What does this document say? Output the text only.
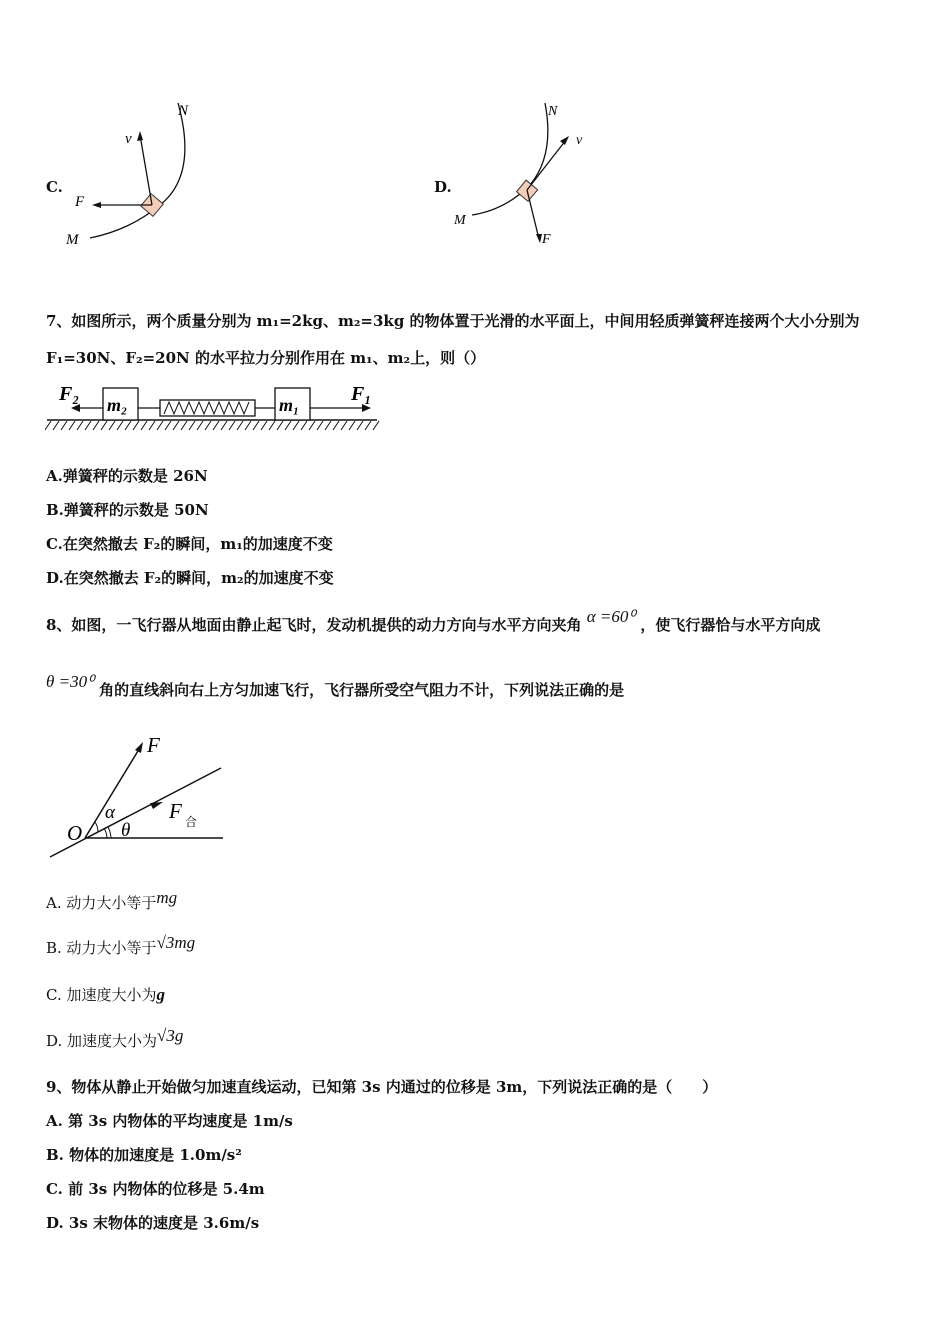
C.
N
v
F
M
D.
N
v
F
M
7、如图所示，两个质量分别为 m₁=2kg、m₂=3kg 的物体置于光滑的水平面上，中间用轻质弹簧秤连接两个大小分别为
F₁=30N、F₂=20N 的水平拉力分别作用在 m₁、m₂上，则（）
F₂ m₂	m₁	F₁
A.弹簧秤的示数是 26N
B.弹簧秤的示数是 50N
C.在突然撤去 F₂的瞬间，m₁的加速度不变
D.在突然撤去 F₂的瞬间，m₂的加速度不变
8、如图，一飞行器从地面由静止起飞时，发动机提供的动力方向与水平方向夹角 α =60⁰ ，使飞行器恰与水平方向成
θ =30⁰ 角的直线斜向右上方匀加速飞行，飞行器所受空气阻力不计，下列说法正确的是
F
α
O θ
F 合
A. 动力大小等于mg
B. 动力大小等于√3mg
C. 加速度大小为g
D. 加速度大小为√3g
9、物体从静止开始做匀加速直线运动，已知第 3s 内通过的位移是 3m，下列说法正确的是（　　）
A. 第 3s 内物体的平均速度是 1m/s
B. 物体的加速度是 1.0m/s²
C. 前 3s 内物体的位移是 5.4m
D. 3s 末物体的速度是 3.6m/s
